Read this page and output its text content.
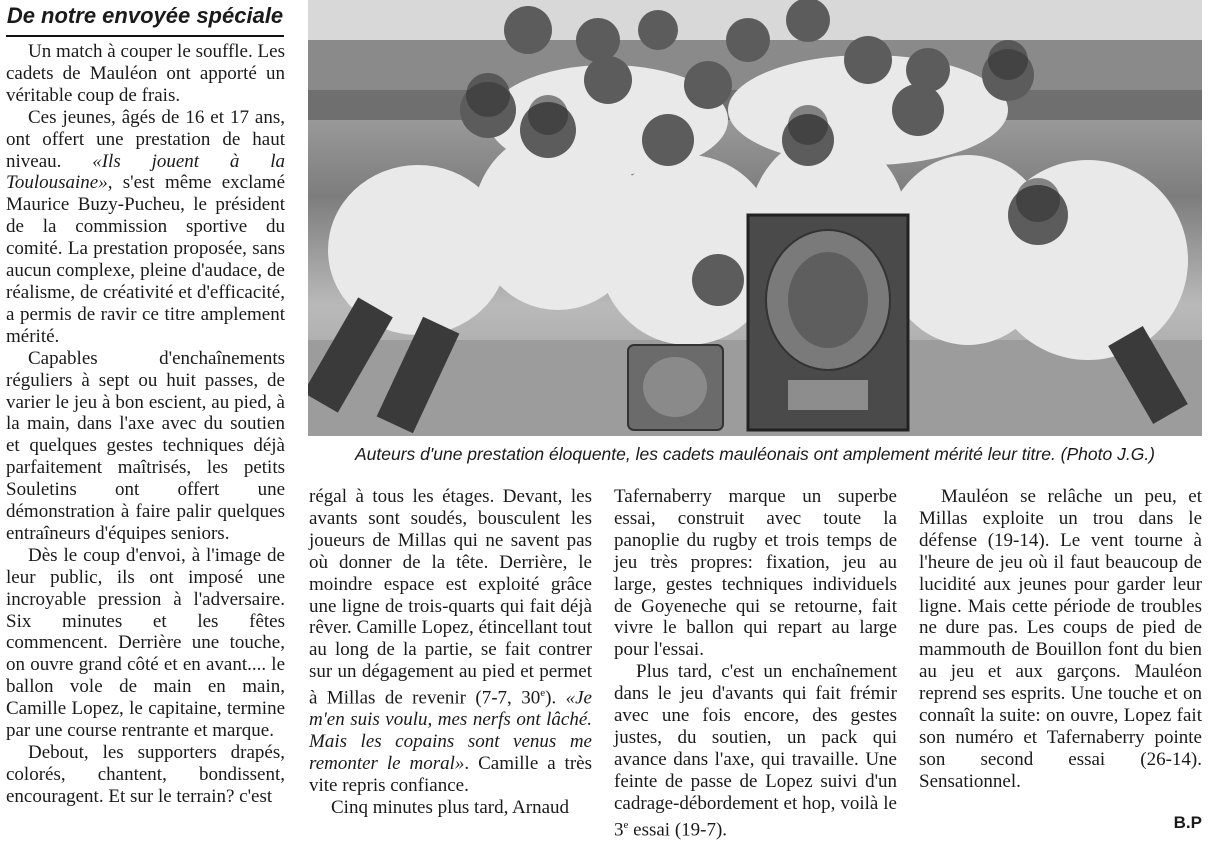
De notre envoyée spéciale

Un match à couper le souffle. Les cadets de Mauléon ont apporté un véritable coup de frais.

Ces jeunes, âgés de 16 et 17 ans, ont offert une prestation de haut niveau. «Ils jouent à la Toulousaine», s'est même exclamé Maurice Buzy-Pucheu, le président de la commission sportive du comité. La prestation proposée, sans aucun complexe, pleine d'audace, de réalisme, de créativité et d'efficacité, a permis de ravir ce titre amplement mérité.

Capables d'enchaînements réguliers à sept ou huit passes, de varier le jeu à bon escient, au pied, à la main, dans l'axe avec du soutien et quelques gestes techniques déjà parfaitement maîtrisés, les petits Souletins ont offert une démonstration à faire palir quelques entraîneurs d'équipes seniors.

Dès le coup d'envoi, à l'image de leur public, ils ont imposé une incroyable pression à l'adversaire. Six minutes et les fêtes commencent. Derrière une touche, on ouvre grand côté et en avant.... le ballon vole de main en main, Camille Lopez, le capitaine, termine par une course rentrante et marque.

Debout, les supporters drapés, colorés, chantent, bondissent, encouragent. Et sur le terrain? c'est

Auteurs d'une prestation éloquente, les cadets mauléonais ont amplement mérité leur titre. (Photo J.G.)

régal à tous les étages. Devant, les avants sont soudés, bousculent les joueurs de Millas qui ne savent pas où donner de la tête. Derrière, le moindre espace est exploité grâce une ligne de trois-quarts qui fait déjà rêver. Camille Lopez, étincellant tout au long de la partie, se fait contrer sur un dégagement au pied et permet à Millas de revenir (7-7, 30e). «Je m'en suis voulu, mes nerfs ont lâché. Mais les copains sont venus me remonter le moral». Camille a très vite repris confiance.

Cinq minutes plus tard, Arnaud

Tafernaberry marque un superbe essai, construit avec toute la panoplie du rugby et trois temps de jeu très propres: fixation, jeu au large, gestes techniques individuels de Goyeneche qui se retourne, fait vivre le ballon qui repart au large pour l'essai.

Plus tard, c'est un enchaînement dans le jeu d'avants qui fait frémir avec une fois encore, des gestes justes, du soutien, un pack qui avance dans l'axe, qui travaille. Une feinte de passe de Lopez suivi d'un cadrage-débordement et hop, voilà le 3e essai (19-7).

Mauléon se relâche un peu, et Millas exploite un trou dans le défense (19-14). Le vent tourne à l'heure de jeu où il faut beaucoup de lucidité aux jeunes pour garder leur ligne. Mais cette période de troubles ne dure pas. Les coups de pied de mammouth de Bouillon font du bien au jeu et aux garçons. Mauléon reprend ses esprits. Une touche et on connaît la suite: on ouvre, Lopez fait son numéro et Tafernaberry pointe son second essai (26-14). Sensationnel.

B.P
